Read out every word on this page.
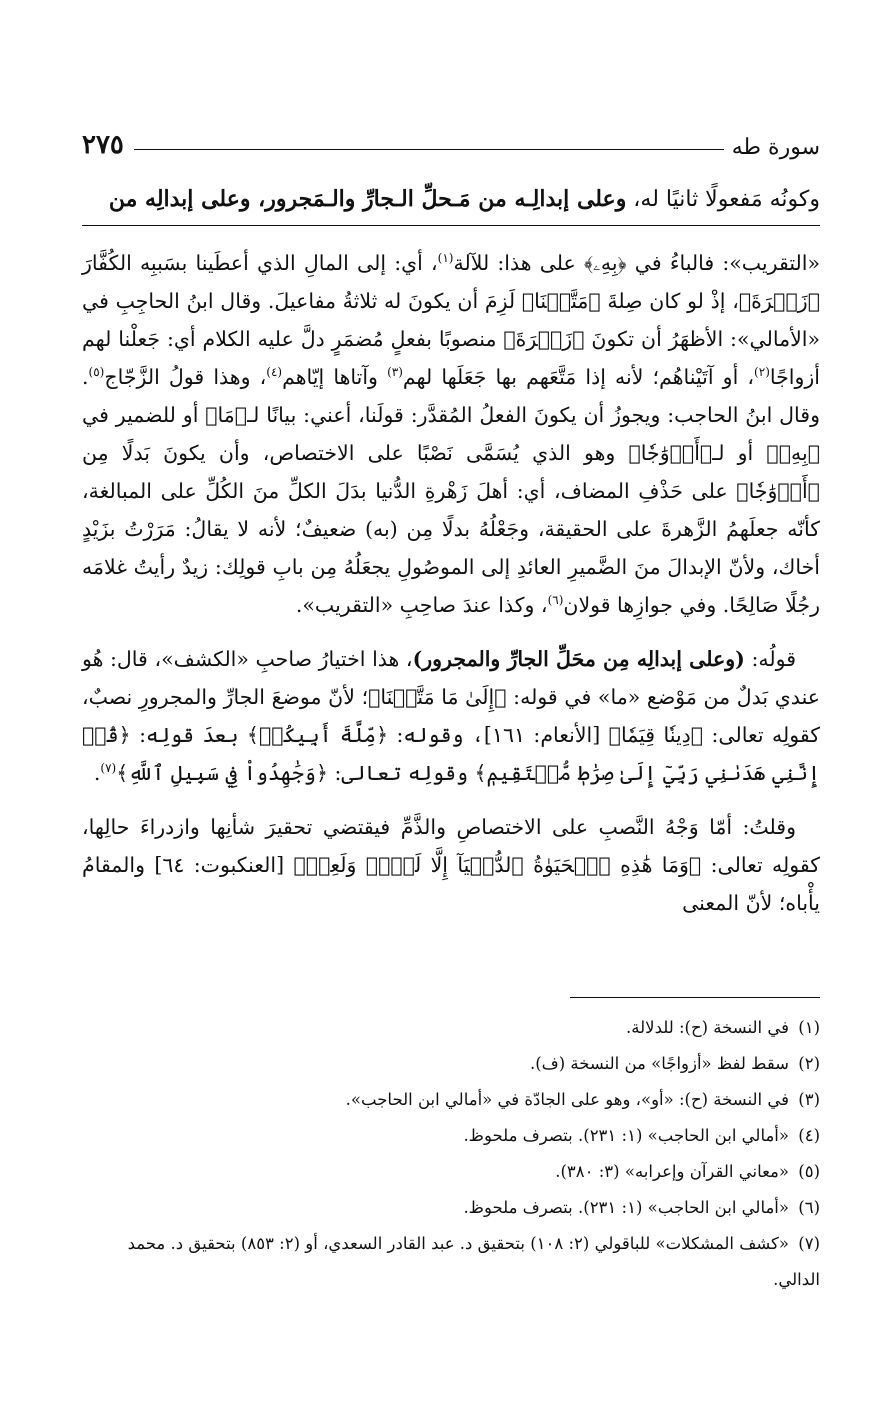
سورة طه
٢٧٥

وكونُه مَفعولًا ثانيًا له، وعلى إبدالِـه من مَـحلِّ الـجارِّ والـمَجرور، وعلى إبدالِه من

«التقريب»: فالباءُ في ﴿بِهِۦ﴾ على هذا: للآلة$^{(١)}$، أي: إلى المالِ الذي أعطَينا بسَببِه الكُفَّارَ ﴿زَهۡرَةَ﴾، إذْ لو كان صِلةَ ﴿مَتَّعۡنَا﴾ لَزِمَ أن يكونَ له ثلاثةُ مفاعيلَ. وقال ابنُ الحاجِبِ في «الأمالي»: الأظهَرُ أن تكونَ ﴿زَهۡرَةَ﴾ منصوبًا بفعلٍ مُضمَرٍ دلَّ عليه الكلام أي: جَعلْنا لهم أزواجًا$^{(٢)}$، أو آتَيْناهُم؛ لأنه إذا مَتَّعَهم بها جَعَلَها لهم$^{(٣)}$ وآتاها إيّاهم$^{(٤)}$، وهذا قولُ الزَّجّاج$^{(٥)}$. وقال ابنُ الحاجب: ويجوزُ أن يكونَ الفعلُ المُقدَّر: قولَنا، أعني: بيانًا لـ﴿مَا﴾ أو للضمير في ﴿بِهِۦ﴾ أو لـ﴿أَزۡوَٰجٗا﴾ وهو الذي يُسَمَّى نَصْبًا على الاختصاص، وأن يكونَ بَدلًا مِن ﴿أَزۡوَٰجٗا﴾ على حَذْفِ المضاف، أي: أهلَ زَهْرةِ الدُّنيا بدَلَ الكلِّ منَ الكُلِّ على المبالغة، كأنّه جعلَهمُ الزَّهرةَ على الحقيقة، وجَعْلُهُ بدلًا مِن (به) ضعيفٌ؛ لأنه لا يقالُ: مَرَرْتُ بزَيْدٍ أخاك، ولأنّ الإبدالَ منَ الضَّميرِ العائدِ إلى الموصُولِ يجعَلُهُ مِن بابِ قولِك: زيدٌ رأيتُ غلامَه رجُلًا صَالِحًا. وفي جوازِها قولان$^{(٦)}$، وكذا عندَ صاحِبِ «التقريب».

قولُه: (وعلى إبدالِه مِن محَلِّ الجارِّ والمجرور)، هذا اختيارُ صاحبِ «الكشف»، قال: هُو عندي بَدلٌ من مَوْضع «ما» في قوله: ﴿إِلَىٰ مَا مَتَّعۡنَا﴾؛ لأنّ موضعَ الجارِّ والمجرورِ نصبٌ، كقولِه تعالى: ﴿دِينٗا قِيَمٗا﴾ [الأنعام: ١٦١]، وقوله: ﴿مِّلَّةَ أَبِيكُمۡ﴾ بعدَ قولِه: ﴿قُلۡ إِنَّنِي هَدَىٰنِي رَبِّيٓ إِلَىٰ صِرَٰطٖ مُّسۡتَقِيمٖ﴾ وقولِه تعالى: ﴿وَجَٰهِدُواْ فِي سَبِيلِ ٱللَّهِ﴾$^{(٧)}$.

وقلتُ: أمّا وَجْهُ النَّصبِ على الاختصاصِ والذَّمِّ فيقتضي تحقيرَ شأنِها وازدراءَ حالِها، كقولِه تعالى: ﴿وَمَا هَٰذِهِ ٱلۡحَيَوٰةُ ٱلدُّنۡيَآ إِلَّا لَهۡوٞ وَلَعِبٞ﴾ [العنكبوت: ٦٤] والمقامُ يأْباه؛ لأنّ المعنى

(١) في النسخة (ح): للدلالة.

(٢) سقط لفظ «أزواجًا» من النسخة (ف).

(٣) في النسخة (ح): «أو»، وهو على الجادّة في «أمالي ابن الحاجب».

(٤) «أمالي ابن الحاجب» (١: ٢٣١). بتصرف ملحوظ.

(٥) «معاني القرآن وإعرابه» (٣: ٣٨٠).

(٦) «أمالي ابن الحاجب» (١: ٢٣١). بتصرف ملحوظ.

(٧) «كشف المشكلات» للباقولي (٢: ١٠٨) بتحقيق د. عبد القادر السعدي، أو (٢: ٨٥٣) بتحقيق د. محمد الدالي.
